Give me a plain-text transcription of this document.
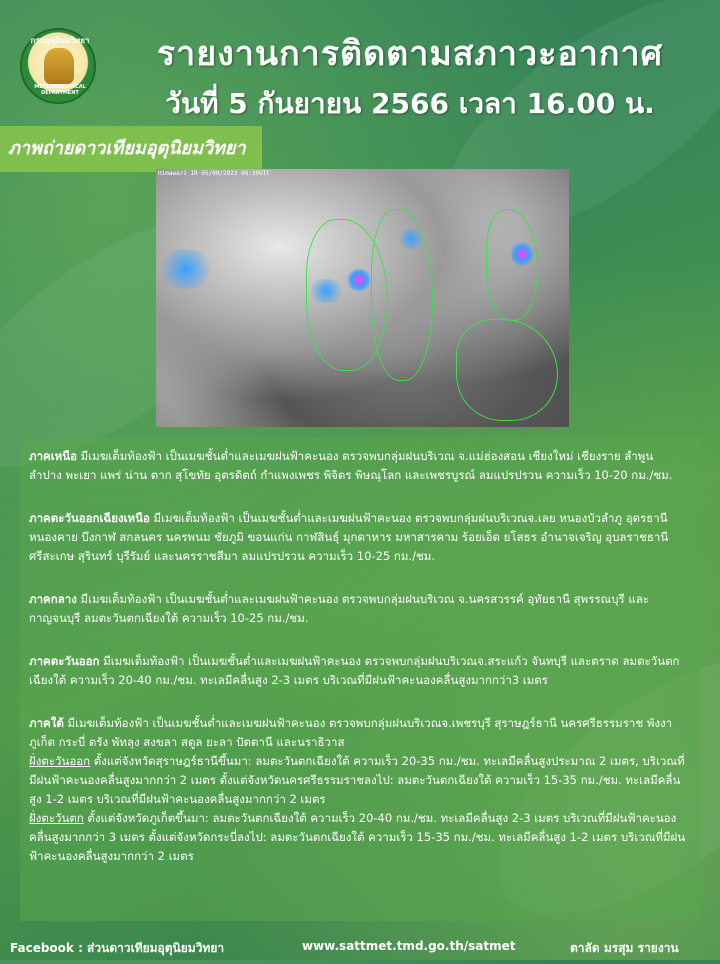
กรมอุตุนิยมวิทยา
METEOROLOGICAL DEPARTMENT
รายงานการติดตามสภาวะอากาศ
วันที่ 5 กันยายน 2566 เวลา 16.00 น.
ภาพถ่ายดาวเทียมอุตุนิยมวิทยา
Himawari IR 05/09/2023 08:30UTC
ภาคเหนือ มีเมฆเต็มท้องฟ้า เป็นเมฆชั้นต่ำและเมฆฝนฟ้าคะนอง ตรวจพบกลุ่มฝนบริเวณ จ.แม่ฮ่องสอน เชียงใหม่ เชียงราย ลำพูน ลำปาง พะเยา แพร่ น่าน ตาก สุโขทัย อุตรดิตถ์ กำแพงเพชร พิจิตร พิษณุโลก และเพชรบูรณ์ ลมแปรปรวน ความเร็ว 10-20 กม./ชม.
ภาคตะวันออกเฉียงเหนือ มีเมฆเต็มท้องฟ้า เป็นเมฆชั้นต่ำและเมฆฝนฟ้าคะนอง ตรวจพบกลุ่มฝนบริเวณจ.เลย หนองบัวลำภู อุดรธานี หนองคาย บึงกาฬ สกลนคร นครพนม ชัยภูมิ ขอนแก่น กาฬสินธุ์ มุกดาหาร มหาสารคาม ร้อยเอ็ด ยโสธร อำนาจเจริญ อุบลราชธานี ศรีสะเกษ สุรินทร์ บุรีรัมย์ และนครราชสีมา ลมแปรปรวน ความเร็ว 10-25 กม./ชม.
ภาคกลาง มีเมฆเต็มท้องฟ้า เป็นเมฆชั้นต่ำและเมฆฝนฟ้าคะนอง ตรวจพบกลุ่มฝนบริเวณ จ.นครสวรรค์ อุทัยธานี สุพรรณบุรี และกาญจนบุรี ลมตะวันตกเฉียงใต้ ความเร็ว 10-25 กม./ชม.
ภาคตะวันออก มีเมฆเต็มท้องฟ้า เป็นเมฆชั้นต่ำและเมฆฝนฟ้าคะนอง ตรวจพบกลุ่มฝนบริเวณจ.สระแก้ว จันทบุรี และตราด ลมตะวันตกเฉียงใต้ ความเร็ว 20-40 กม./ชม. ทะเลมีคลื่นสูง 2-3 เมตร บริเวณที่มีฝนฟ้าคะนองคลื่นสูงมากกว่า3 เมตร
ภาคใต้ มีเมฆเต็มท้องฟ้า เป็นเมฆชั้นต่ำและเมฆฝนฟ้าคะนอง ตรวจพบกลุ่มฝนบริเวณจ.เพชรบุรี สุราษฎร์ธานี นครศรีธรรมราช พังงา ภูเก็ต กระบี่ ตรัง พัทลุง สงขลา สตูล ยะลา ปัตตานี และนราธิวาส
ฝั่งตะวันออก ตั้งแต่จังหวัดสุราษฎร์ธานีขึ้นมา: ลมตะวันตกเฉียงใต้ ความเร็ว 20-35 กม./ชม. ทะเลมีคลื่นสูงประมาณ 2 เมตร, บริเวณที่มีฝนฟ้าคะนองคลื่นสูงมากกว่า 2 เมตร ตั้งแต่จังหวัดนครศรีธรรมราชลงไป: ลมตะวันตกเฉียงใต้ ความเร็ว 15-35 กม./ชม. ทะเลมีคลื่นสูง 1-2 เมตร บริเวณที่มีฝนฟ้าคะนองคลื่นสูงมากกว่า 2 เมตร
ฝั่งตะวันตก ตั้งแต่จังหวัดภูเก็ตขึ้นมา: ลมตะวันตกเฉียงใต้ ความเร็ว 20-40 กม./ชม. ทะเลมีคลื่นสูง 2-3 เมตร บริเวณที่มีฝนฟ้าคะนองคลื่นสูงมากกว่า 3 เมตร ตั้งแต่จังหวัดกระบี่ลงไป: ลมตะวันตกเฉียงใต้ ความเร็ว 15-35 กม./ชม. ทะเลมีคลื่นสูง 1-2 เมตร บริเวณที่มีฝนฟ้าคะนองคลื่นสูงมากกว่า 2 เมตร
Facebook : ส่วนดาวเทียมอุตุนิยมวิทยา	www.sattmet.tmd.go.th/satmet	ตาลัด มรสุม รายงาน
